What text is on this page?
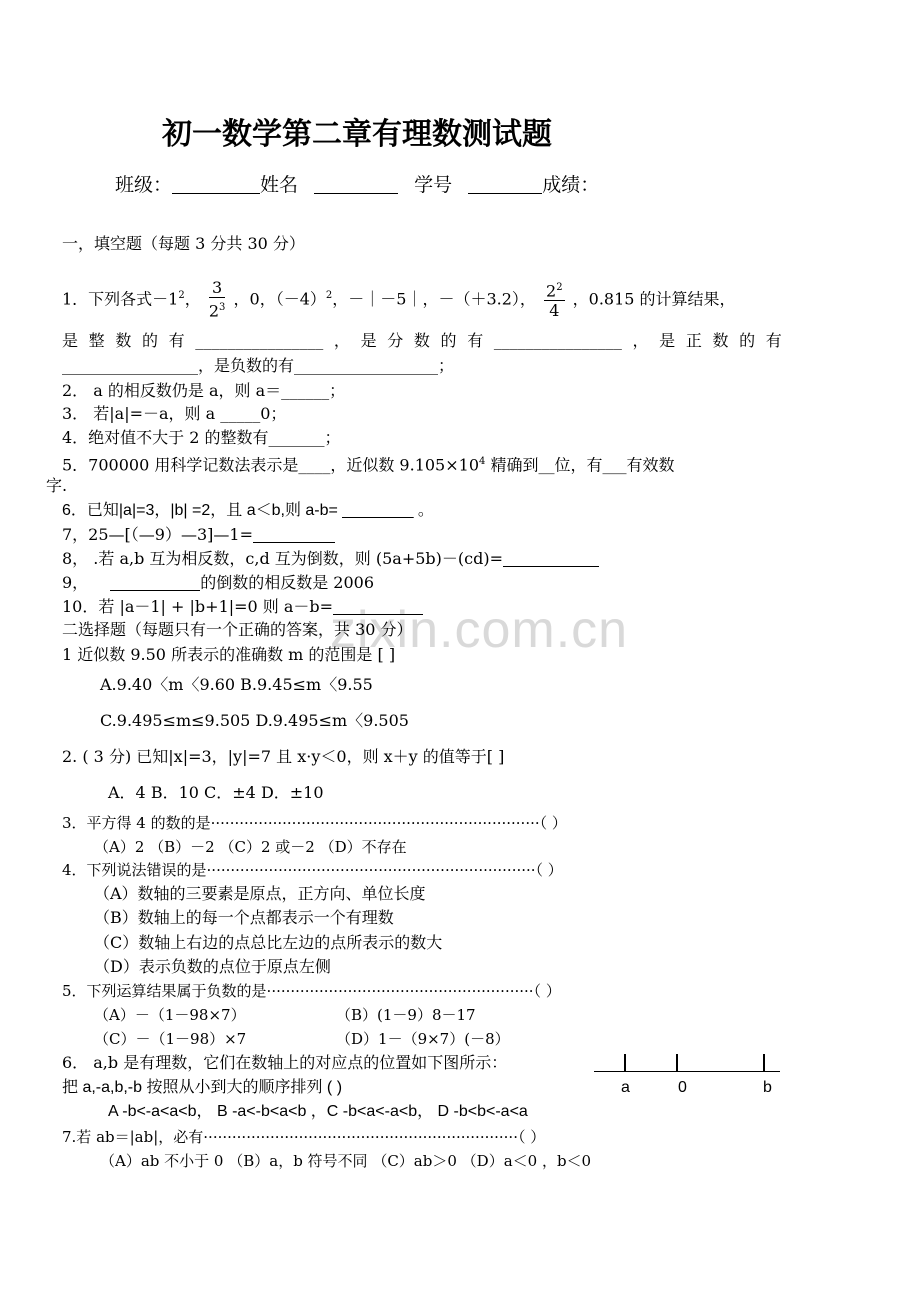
zixin.com.cn
初一数学第二章有理数测试题
班级：	姓名	学号	成绩：
一，填空题（每题 3 分共 30 分）
1．下列各式$-1^2$， $\frac{3}{2^3}$ ，0，$(-4)^2$，－｜－5｜，－（＋3.2）， $\frac{2^2}{4}$ ，0.815 的计算结果，
是 整 数 的 有 ________________ ， 是 分 数 的 有 ________________ ， 是 正 数 的 有
_________________，是负数的有__________________；
2． a 的相反数仍是 a，则 a＝______；
3． 若|a|=－a，则 a _____0；
4．绝对值不大于 2 的整数有_______；
5．700000 用科学记数法表示是____，近似数 $9.105\times 10^4$ 精确到__位，有___有效数
字.
6．已知|a|=3，|b| =2，且 a＜b,则 a-b= ________ 。
7，25—[（—9）—3]—1=
8， .若 a,b 互为相反数，c,d 互为倒数，则 (5a+5b)－(cd)=
9，	的倒数的相反数是 2006
10．若 |a－1| + |b+1|=0 则 a－b=
二选择题（每题只有一个正确的答案，共 30 分）
1 近似数 9.50 所表示的准确数 m 的范围是 [ ]
A.9.40〈m〈9.60 B.9.45≤m〈9.55
C.9.495≤m≤9.505 D.9.495≤m〈9.505
2. ( 3 分) 已知|x|=3，|y|=7 且 x·y＜0，则 x＋y 的值等于[ ]
A．4 B．10 C．±4 D．±10
3．平方得 4 的数的是·····································································（ ）
（A）2 （B）－2 （C）2 或－2 （D）不存在
4．下列说法错误的是·····································································（ ）
（A）数轴的三要素是原点，正方向、单位长度
（B）数轴上的每一个点都表示一个有理数
（C）数轴上右边的点总比左边的点所表示的数大
（D）表示负数的点位于原点左侧
5．下列运算结果属于负数的是························································（ ）
（A）－（1－98×7）	（B）(1－9）8－17
（C）－（1－98）×7	（D）1－（9×7）(－8）
6． a,b 是有理数，它们在数轴上的对应点的位置如下图所示：
把 a,-a,b,-b 按照从小到大的顺序排列 ( )
A -b<-a<a<b， B -a<-b<a<b ，C -b<a<-a<b， D -b<b<-a<a
a	0	b
7.若 ab＝|ab|，必有··································································（ ）
（A）ab 不小于 0 （B）a，b 符号不同 （C）ab＞0 （D）a＜0 ，b＜0
